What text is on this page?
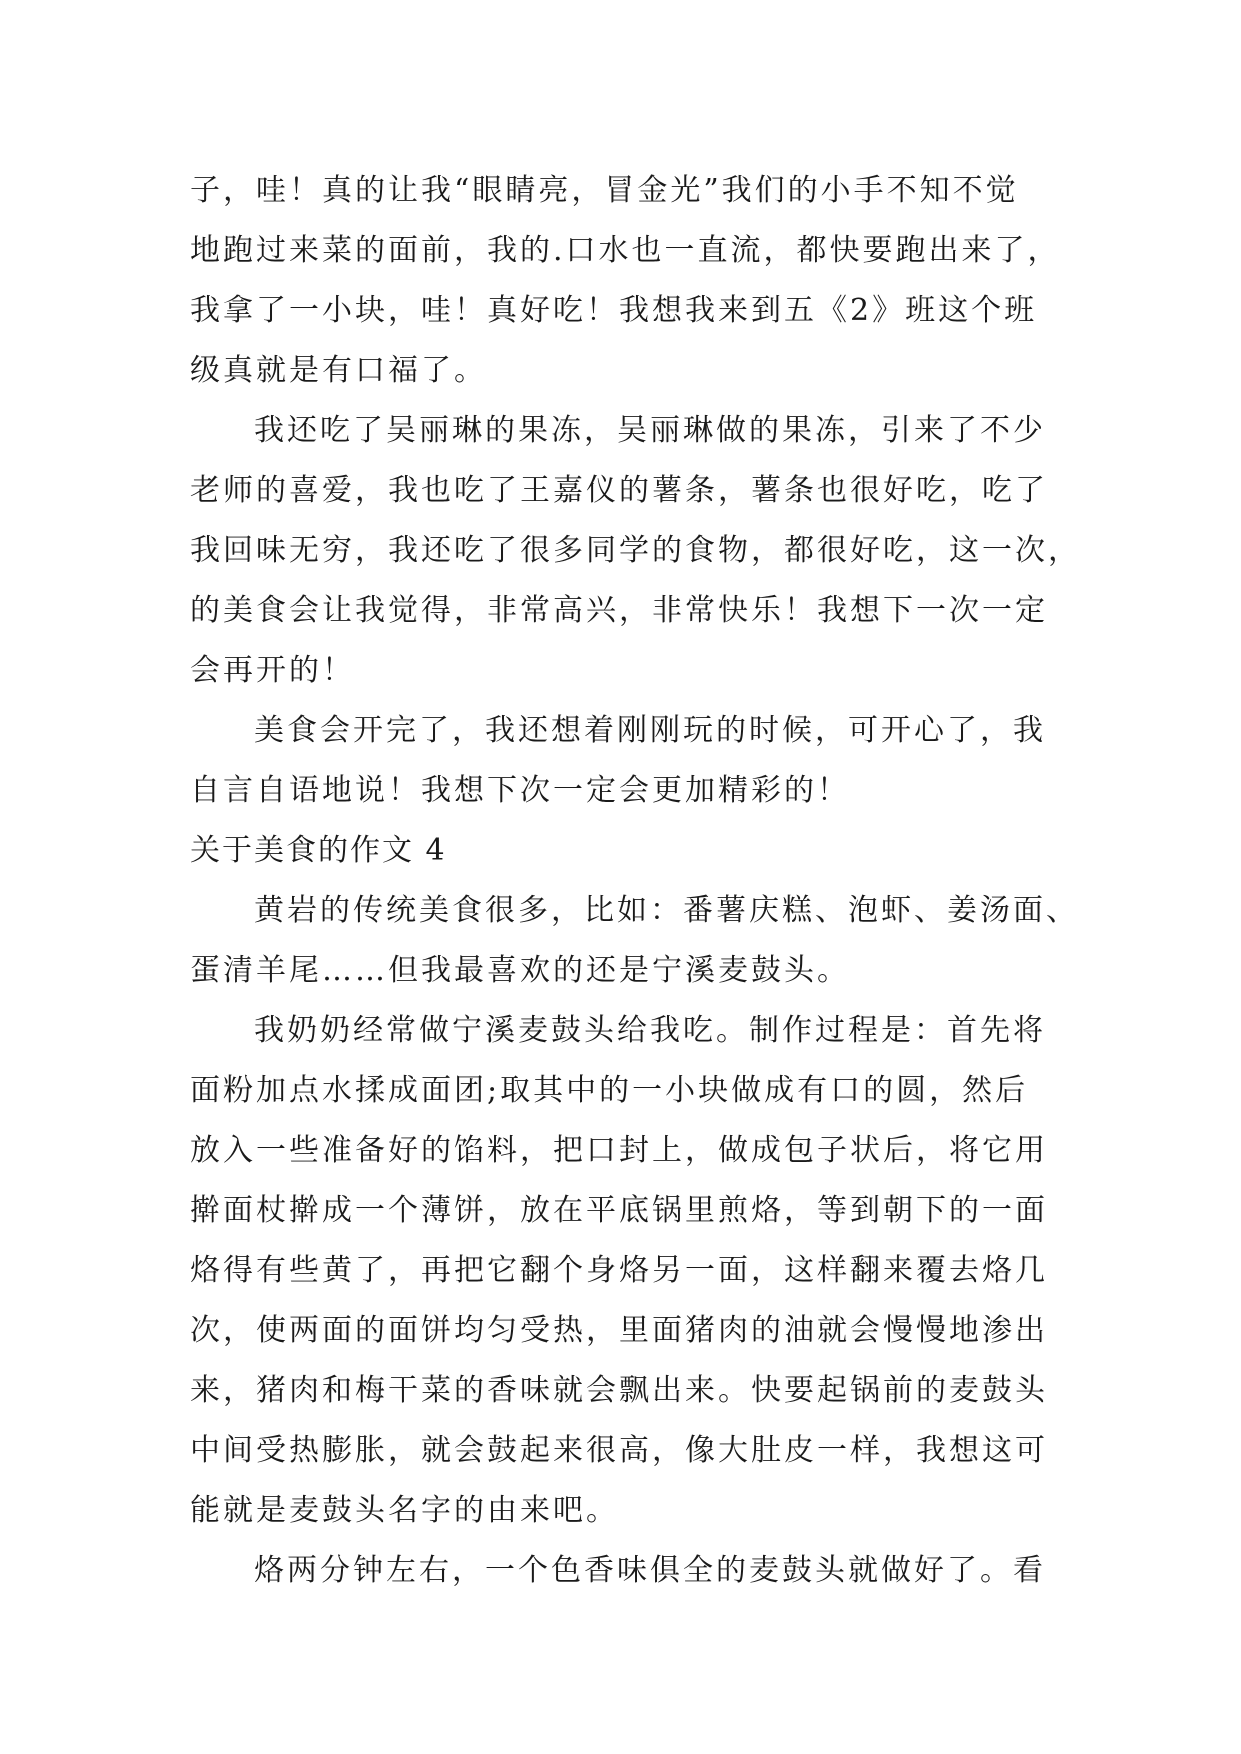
子，哇！真的让我“眼睛亮，冒金光”我们的小手不知不觉
地跑过来菜的面前，我的.口水也一直流，都快要跑出来了，
我拿了一小块，哇！真好吃！我想我来到五《2》班这个班
级真就是有口福了。
我还吃了吴丽琳的果冻，吴丽琳做的果冻，引来了不少
老师的喜爱，我也吃了王嘉仪的薯条，薯条也很好吃，吃了
我回味无穷，我还吃了很多同学的食物，都很好吃，这一次，
的美食会让我觉得，非常高兴，非常快乐！我想下一次一定
会再开的！
美食会开完了，我还想着刚刚玩的时候，可开心了，我
自言自语地说！我想下次一定会更加精彩的！
关于美食的作文 4
黄岩的传统美食很多，比如：番薯庆糕、泡虾、姜汤面、
蛋清羊尾……但我最喜欢的还是宁溪麦鼓头。
我奶奶经常做宁溪麦鼓头给我吃。制作过程是：首先将
面粉加点水揉成面团;取其中的一小块做成有口的圆，然后
放入一些准备好的馅料，把口封上，做成包子状后，将它用
擀面杖擀成一个薄饼，放在平底锅里煎烙，等到朝下的一面
烙得有些黄了，再把它翻个身烙另一面，这样翻来覆去烙几
次，使两面的面饼均匀受热，里面猪肉的油就会慢慢地渗出
来，猪肉和梅干菜的香味就会飘出来。快要起锅前的麦鼓头
中间受热膨胀，就会鼓起来很高，像大肚皮一样，我想这可
能就是麦鼓头名字的由来吧。
烙两分钟左右，一个色香味俱全的麦鼓头就做好了。看
